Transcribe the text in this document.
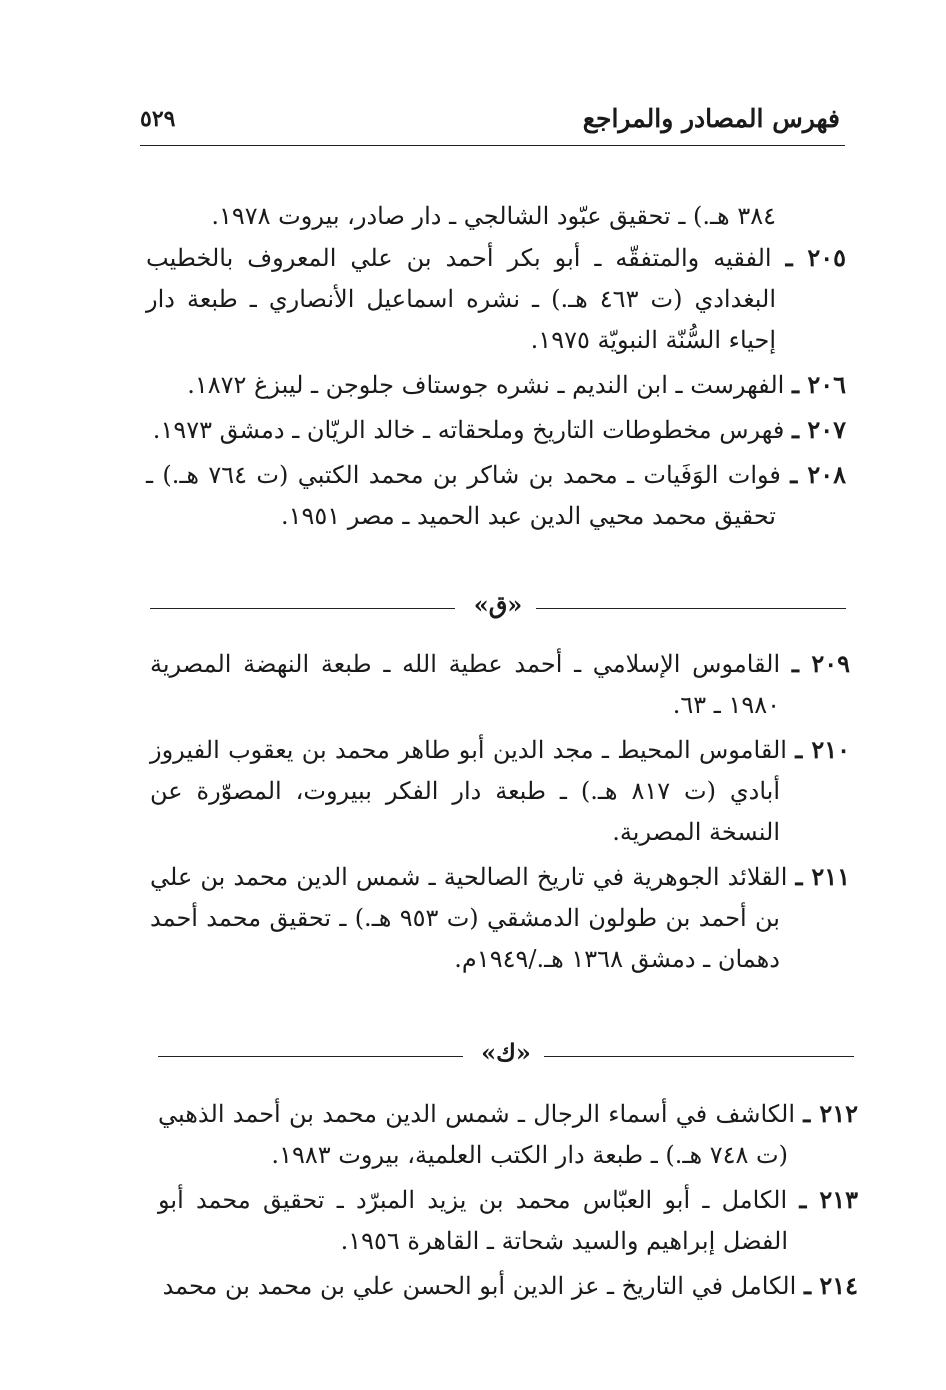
فهرس المصادر والمراجع
٥٢٩

٣٨٤ هـ.) ـ تحقيق عبّود الشالجي ـ دار صادر، بيروت ١٩٧٨.

٢٠٥ ـ الفقيه والمتفقّه ـ أبو بكر أحمد بن علي المعروف بالخطيب البغدادي (ت ٤٦٣ هـ.) ـ نشره اسماعيل الأنصاري ـ طبعة دار إحياء السُّنّة النبويّة ١٩٧٥.

٢٠٦ ـ الفهرست ـ ابن النديم ـ نشره جوستاف جلوجن ـ ليبزغ ١٨٧٢.

٢٠٧ ـ فهرس مخطوطات التاريخ وملحقاته ـ خالد الريّان ـ دمشق ١٩٧٣.

٢٠٨ ـ فوات الوَفَيات ـ محمد بن شاكر بن محمد الكتبي (ت ٧٦٤ هـ.) ـ تحقيق محمد محيي الدين عبد الحميد ـ مصر ١٩٥١.

«ق»

٢٠٩ ـ القاموس الإسلامي ـ أحمد عطية الله ـ طبعة النهضة المصرية ١٩٨٠ ـ ٦٣.

٢١٠ ـ القاموس المحيط ـ مجد الدين أبو طاهر محمد بن يعقوب الفيروز أبادي (ت ٨١٧ هـ.) ـ طبعة دار الفكر ببيروت، المصوّرة عن النسخة المصرية.

٢١١ ـ القلائد الجوهرية في تاريخ الصالحية ـ شمس الدين محمد بن علي بن أحمد بن طولون الدمشقي (ت ٩٥٣ هـ.) ـ تحقيق محمد أحمد دهمان ـ دمشق ١٣٦٨ هـ./١٩٤٩م.

«ك»

٢١٢ ـ الكاشف في أسماء الرجال ـ شمس الدين محمد بن أحمد الذهبي (ت ٧٤٨ هـ.) ـ طبعة دار الكتب العلمية، بيروت ١٩٨٣.

٢١٣ ـ الكامل ـ أبو العبّاس محمد بن يزيد المبرّد ـ تحقيق محمد أبو الفضل إبراهيم والسيد شحاتة ـ القاهرة ١٩٥٦.

٢١٤ ـ الكامل في التاريخ ـ عز الدين أبو الحسن علي بن محمد بن محمد
